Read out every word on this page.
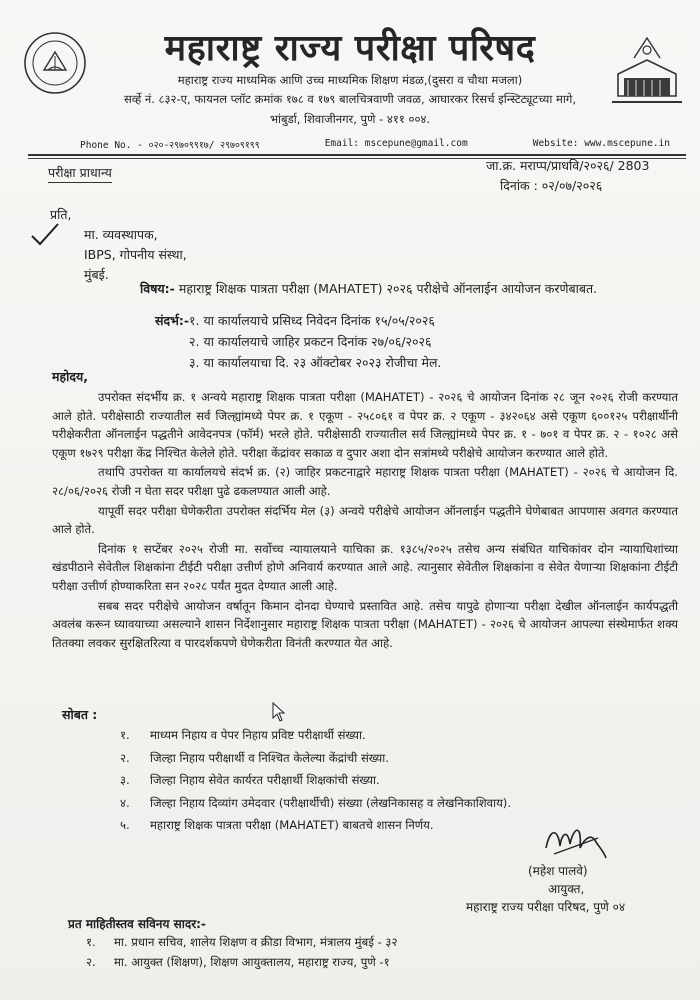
महाराष्ट्र राज्य परीक्षा परिषद
महाराष्ट्र राज्य माध्यमिक आणि उच्च माध्यमिक शिक्षण मंडळ,(दुसरा व चौथा मजला)
सर्व्हे नं. ८३२-ए, फायनल प्लॉट क्रमांक १७८ व १७९ बालचित्रवाणी जवळ, आघारकर रिसर्च इन्स्टिट्यूटच्या मागे,
भांबुर्डा, शिवाजीनगर, पुणे - ४११ ००४.
Phone No. - ०२०-२९७०९९१७/ २९७०९१९९	Email: mscepune@gmail.com	Website: www.mscepune.in
परीक्षा प्राधान्य	जा.क्र. मराप्प/प्राधवि/२०२६/ 2803
दिनांक : ०२/०७/२०२६
प्रति,
मा. व्यवस्थापक,
IBPS, गोपनीय संस्था,
मुंबई.
विषय:- महाराष्ट्र शिक्षक पात्रता परीक्षा (MAHATET) २०२६ परीक्षेचे ऑनलाईन आयोजन करणेबाबत.
संदर्भ:-१. या कार्यालयाचे प्रसिध्द निवेदन दिनांक १५/०५/२०२६
२. या कार्यालयाचे जाहिर प्रकटन दिनांक २७/०६/२०२६
३. या कार्यालयाचा दि. २३ ऑक्टोबर २०२३ रोजीचा मेल.
महोदय,

उपरोक्त संदर्भीय क्र. १ अन्वये महाराष्ट्र शिक्षक पात्रता परीक्षा (MAHATET) - २०२६ चे आयोजन दिनांक २८ जून २०२६ रोजी करण्यात आले होते. परीक्षेसाठी राज्यातील सर्व जिल्ह्यांमध्ये पेपर क्र. १ एकूण - २५८०६१ व पेपर क्र. २ एकूण - ३४२०६४ असे एकूण ६००१२५ परीक्षार्थीनी परीक्षेकरीता ऑनलाईन पद्धतीने आवेदनपत्र (फॉर्म) भरले होते. परीक्षेसाठी राज्यातील सर्व जिल्ह्यांमध्ये पेपर क्र. १ - ७०१ व पेपर क्र. २ - १०२८ असे एकूण १७२९ परीक्षा केंद्र निश्चित केलेले होते. परीक्षा केंद्रांवर सकाळ व दुपार अशा दोन सत्रांमध्ये परीक्षेचे आयोजन करण्यात आले होते.

तथापि उपरोक्त या कार्यालयचे संदर्भ क्र. (२) जाहिर प्रकटनाद्वारे महाराष्ट्र शिक्षक पात्रता परीक्षा (MAHATET) - २०२६ चे आयोजन दि. २८/०६/२०२६ रोजी न घेता सदर परीक्षा पुढे ढकलण्यात आली आहे.

यापूर्वी सदर परीक्षा घेणेकरीता उपरोक्त संदर्भिय मेल (३) अन्वये परीक्षेचे आयोजन ऑनलाईन पद्धतीने घेणेबाबत आपणास अवगत करण्यात आले होते.

दिनांक १ सप्टेंबर २०२५ रोजी मा. सर्वोच्च न्यायालयाने याचिका क्र. १३८५/२०२५ तसेच अन्य संबंधित याचिकांवर दोन न्यायाधिशांच्या खंडपीठाने सेवेतील शिक्षकांना टीईटी परीक्षा उत्तीर्ण होणे अनिवार्य करण्यात आले आहे. त्यानुसार सेवेतील शिक्षकांना व सेवेत येणाऱ्या शिक्षकांना टीईटी परीक्षा उत्तीर्ण होण्याकरिता सन २०२८ पर्यंत मुदत देण्यात आली आहे.

सबब सदर परीक्षेचे आयोजन वर्षातून किमान दोनदा घेण्याचे प्रस्तावित आहे. तसेच यापुढे होणाऱ्या परीक्षा देखील ऑनलाईन कार्यपद्धती अवलंब करून घ्यावयाच्या असल्याने शासन निर्देशानुसार महाराष्ट्र शिक्षक पात्रता परीक्षा (MAHATET) - २०२६ चे आयोजन आपल्या संस्थेमार्फत शक्य तितक्या लवकर सुरक्षितरित्या व पारदर्शकपणे घेणेकरीता विनंती करण्यात येत आहे.

सोबत :
१. माध्यम निहाय व पेपर निहाय प्रविष्ट परीक्षार्थी संख्या.
२. जिल्हा निहाय परीक्षार्थी व निश्चित केलेल्या केंद्रांची संख्या.
३. जिल्हा निहाय सेवेत कार्यरत परीक्षार्थी शिक्षकांची संख्या.
४. जिल्हा निहाय दिव्यांग उमेदवार (परीक्षार्थीची) संख्या (लेखनिकासह व लेखनिकाशिवाय).
५. महाराष्ट्र शिक्षक पात्रता परीक्षा (MAHATET) बाबतचे शासन निर्णय.
(महेश पालवे)
आयुक्त,
महाराष्ट्र राज्य परीक्षा परिषद, पुणे ०४
प्रत माहितीस्तव सविनय सादर:-
१. मा. प्रधान सचिव, शालेय शिक्षण व क्रीडा विभाग, मंत्रालय मुंबई - ३२
२. मा. आयुक्त (शिक्षण), शिक्षण आयुक्तालय, महाराष्ट्र राज्य, पुणे -१
